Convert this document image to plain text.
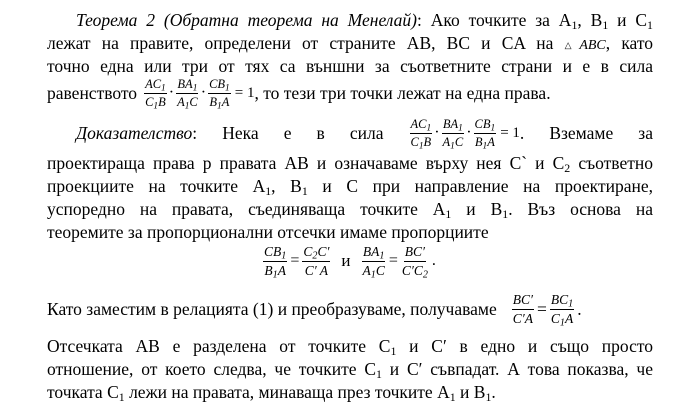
Теорема 2 (Обратна теорема на Менелай): Ако точките за $A_1$, $B_1$ и $C_1$
лежат на правите, определени от страните AB, BC и CA на △ABC, като
точно една или три от тях са външни за съответните страни и е в сила
равенството $\frac{AC_1}{C_1B} \cdot \frac{BA_1}{A_1C} \cdot \frac{CB_1}{B_1A} = 1$ , то тези три точки лежат на една права.
Доказателство: Нека е в сила $\frac{AC_1}{C_1B} \cdot \frac{BA_1}{A_1C} \cdot \frac{CB_1}{B_1A} = 1$ . Вземаме за
проектираща права p правата AB и означаваме върху нея C` и $C_2$ съответно
проекциите на точките $A_1$, $B_1$ и C при направление на проектиране,
успоредно на правата, съединяваща точките $A_1$ и $B_1$. Въз основа на
теоремите за пропорционални отсечки имаме пропорциите
$\frac{CB_1}{B_1A} = \frac{C_2C'}{C' A}$ и $\frac{BA_1}{A_1C} = \frac{BC'}{C'C_2}$ .
Като заместим в релацията (1) и преобразуваме, получаваме $\frac{BC'}{C'A} = \frac{BC_1}{C_1A}$ .
Отсечката AB е разделена от точките $C_1$ и C′ в едно и също просто
отношение, от което следва, че точките $C_1$ и C′ съвпадат. А това показва, че
точката $C_1$ лежи на правата, минаваща през точките $A_1$ и $B_1$.
